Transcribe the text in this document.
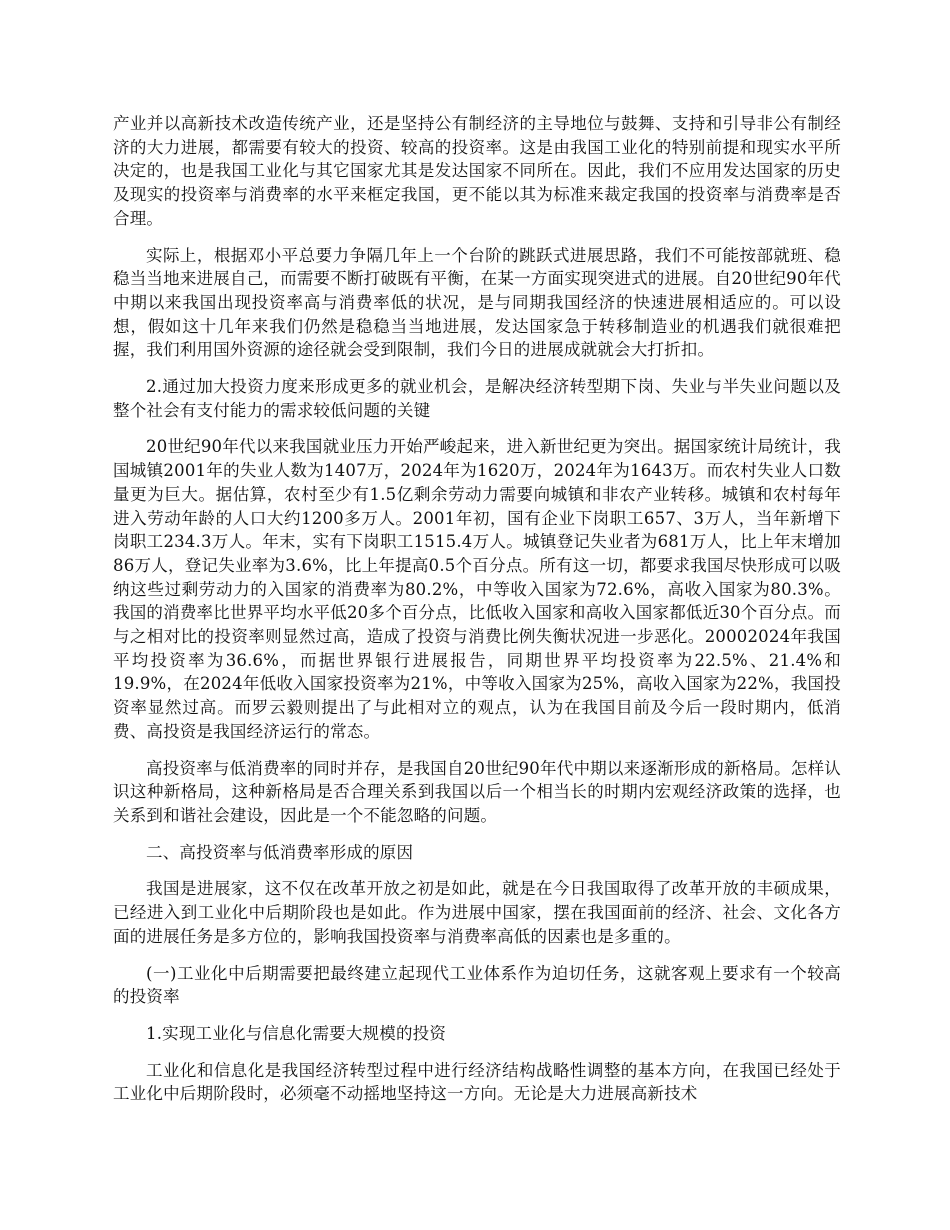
产业并以高新技术改造传统产业，还是坚持公有制经济的主导地位与鼓舞、支持和引导非公有制经济的大力进展，都需要有较大的投资、较高的投资率。这是由我国工业化的特别前提和现实水平所决定的，也是我国工业化与其它国家尤其是发达国家不同所在。因此，我们不应用发达国家的历史及现实的投资率与消费率的水平来框定我国，更不能以其为标准来裁定我国的投资率与消费率是否合理。

实际上，根据邓小平总要力争隔几年上一个台阶的跳跃式进展思路，我们不可能按部就班、稳稳当当地来进展自己，而需要不断打破既有平衡，在某一方面实现突进式的进展。自20世纪90年代中期以来我国出现投资率高与消费率低的状况，是与同期我国经济的快速进展相适应的。可以设想，假如这十几年来我们仍然是稳稳当当地进展，发达国家急于转移制造业的机遇我们就很难把握，我们利用国外资源的途径就会受到限制，我们今日的进展成就就会大打折扣。

2.通过加大投资力度来形成更多的就业机会，是解决经济转型期下岗、失业与半失业问题以及整个社会有支付能力的需求较低问题的关键

20世纪90年代以来我国就业压力开始严峻起来，进入新世纪更为突出。据国家统计局统计，我国城镇2001年的失业人数为1407万，2024年为1620万，2024年为1643万。而农村失业人口数量更为巨大。据估算，农村至少有1.5亿剩余劳动力需要向城镇和非农产业转移。城镇和农村每年进入劳动年龄的人口大约1200多万人。2001年初，国有企业下岗职工657、3万人，当年新增下岗职工234.3万人。年末，实有下岗职工1515.4万人。城镇登记失业者为681万人，比上年末增加86万人，登记失业率为3.6%，比上年提高0.5个百分点。所有这一切，都要求我国尽快形成可以吸纳这些过剩劳动力的入国家的消费率为80.2%，中等收入国家为72.6%，高收入国家为80.3%。我国的消费率比世界平均水平低20多个百分点，比低收入国家和高收入国家都低近30个百分点。而与之相对比的投资率则显然过高，造成了投资与消费比例失衡状况进一步恶化。20002024年我国平均投资率为36.6%，而据世界银行进展报告，同期世界平均投资率为22.5%、21.4%和19.9%，在2024年低收入国家投资率为21%，中等收入国家为25%，高收入国家为22%，我国投资率显然过高。而罗云毅则提出了与此相对立的观点，认为在我国目前及今后一段时期内，低消费、高投资是我国经济运行的常态。

高投资率与低消费率的同时并存，是我国自20世纪90年代中期以来逐渐形成的新格局。怎样认识这种新格局，这种新格局是否合理关系到我国以后一个相当长的时期内宏观经济政策的选择，也关系到和谐社会建设，因此是一个不能忽略的问题。

二、高投资率与低消费率形成的原因

我国是进展家，这不仅在改革开放之初是如此，就是在今日我国取得了改革开放的丰硕成果，已经进入到工业化中后期阶段也是如此。作为进展中国家，摆在我国面前的经济、社会、文化各方面的进展任务是多方位的，影响我国投资率与消费率高低的因素也是多重的。

(一)工业化中后期需要把最终建立起现代工业体系作为迫切任务，这就客观上要求有一个较高的投资率

1.实现工业化与信息化需要大规模的投资

工业化和信息化是我国经济转型过程中进行经济结构战略性调整的基本方向，在我国已经处于工业化中后期阶段时，必须毫不动摇地坚持这一方向。无论是大力进展高新技术
